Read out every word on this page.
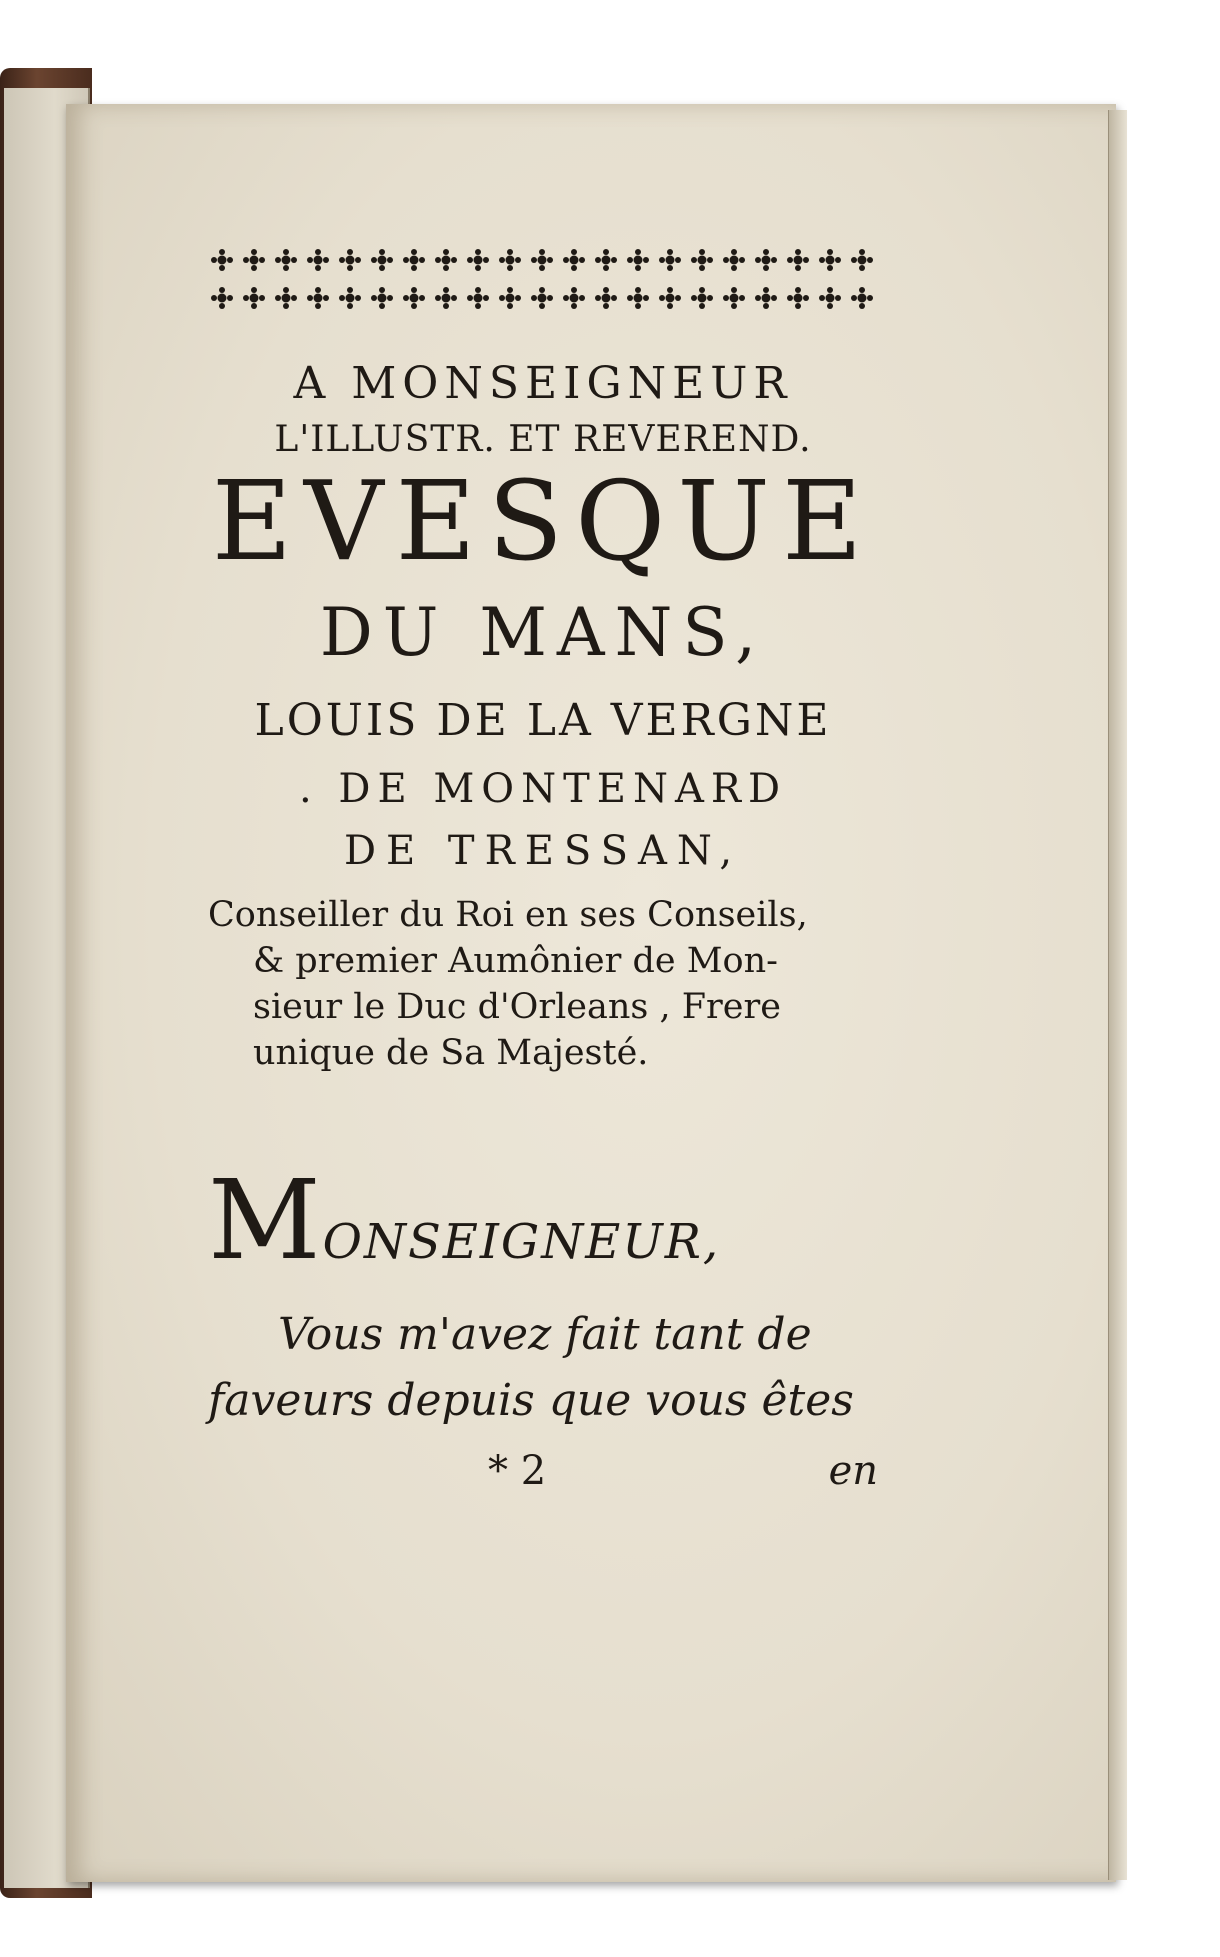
A MONSEIGNEUR
L'ILLUSTR. ET REVEREND.
EVESQUE
DU MANS,
LOUIS DE LA VERGNE
. DE MONTENARD
DE TRESSAN,
Conseiller du Roi en ses Conseils,
& premier Aumônier de Mon-
sieur le Duc d'Orleans , Frere
unique de Sa Majesté.
MONSEIGNEUR,
Vous m'avez fait tant de
faveurs depuis que vous êtes
* 2	en
